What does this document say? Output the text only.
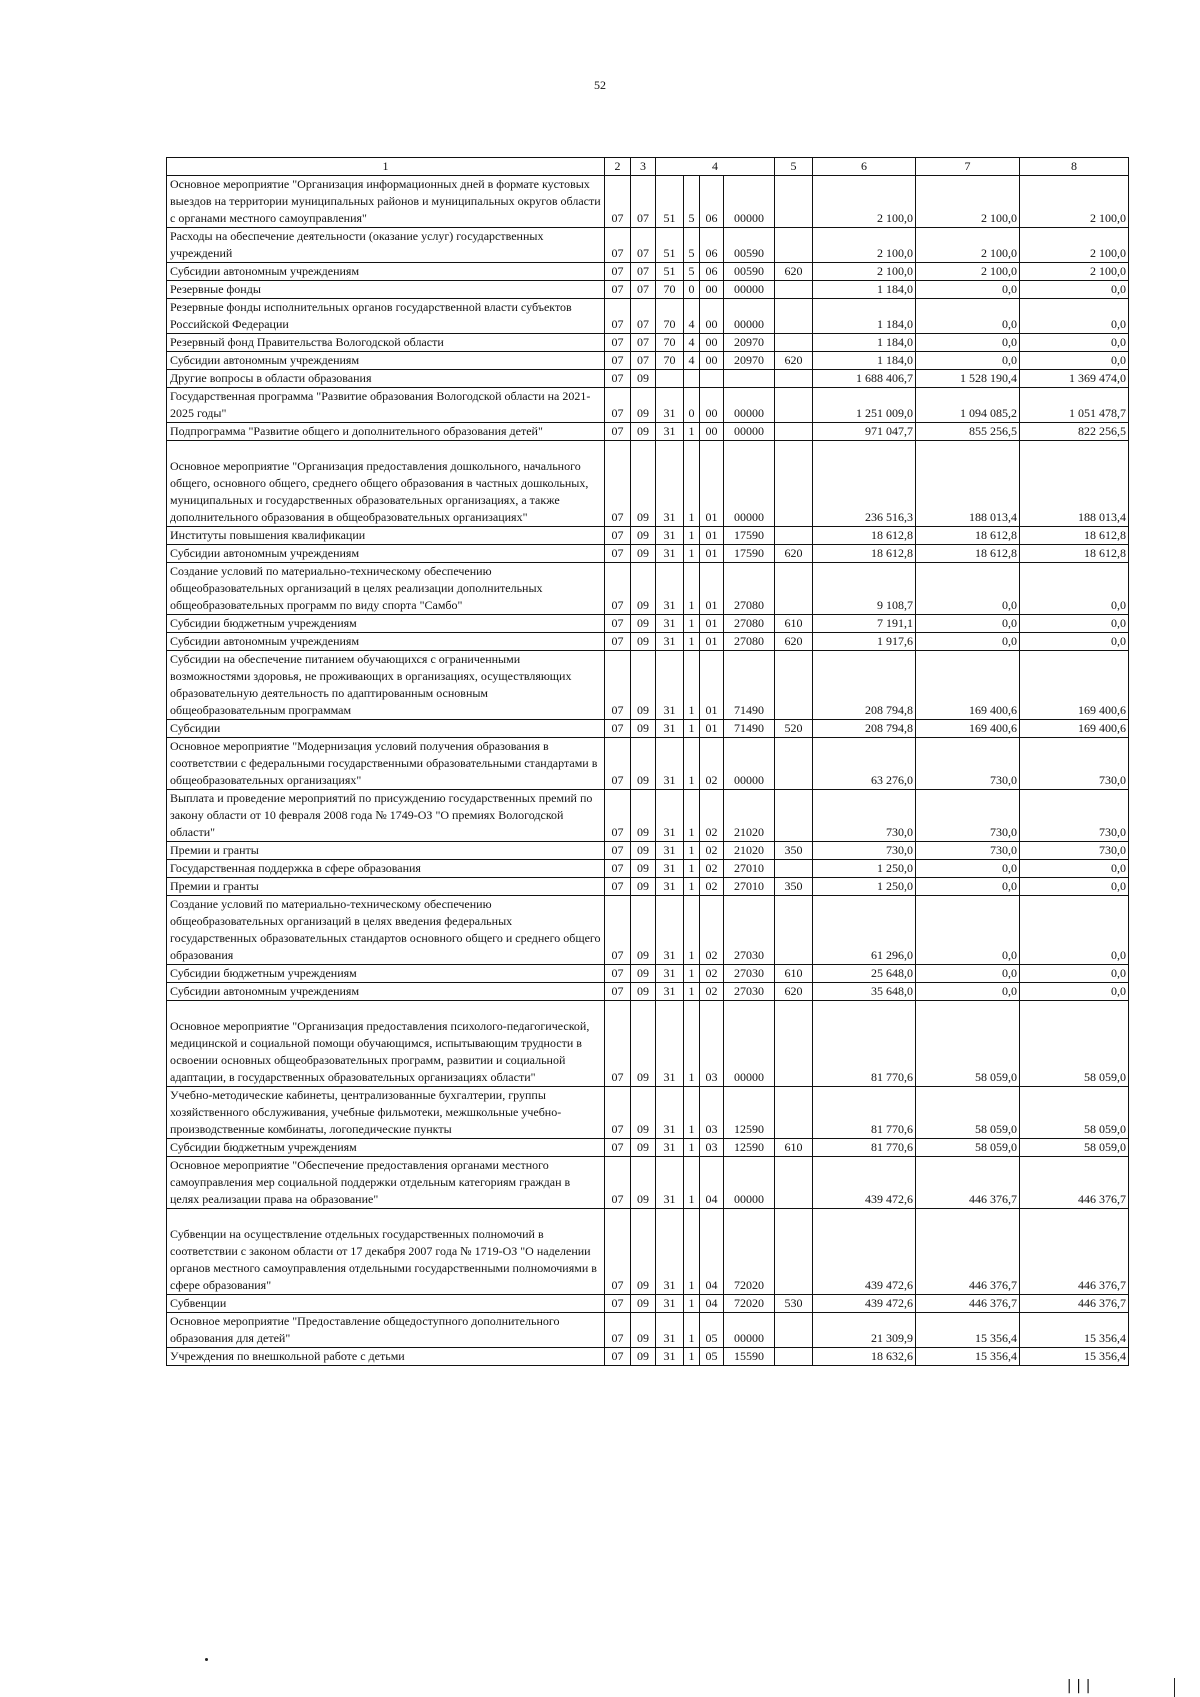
52
1	2	3	4				5	6	7	8
Основное мероприятие "Организация информационных дней в формате кустовых выездов на территории муниципальных районов и муниципальных округов области с органами местного самоуправления"	07	07	51	5	06	00000		2 100,0	2 100,0	2 100,0
Расходы на обеспечение деятельности (оказание услуг) государственных учреждений	07	07	51	5	06	00590		2 100,0	2 100,0	2 100,0
Субсидии автономным учреждениям	07	07	51	5	06	00590	620	2 100,0	2 100,0	2 100,0
Резервные фонды	07	07	70	0	00	00000		1 184,0	0,0	0,0
Резервные фонды исполнительных органов государственной власти субъектов Российской Федерации	07	07	70	4	00	00000		1 184,0	0,0	0,0
Резервный фонд Правительства Вологодской области	07	07	70	4	00	20970		1 184,0	0,0	0,0
Субсидии автономным учреждениям	07	07	70	4	00	20970	620	1 184,0	0,0	0,0
Другие вопросы в области образования	07	09						1 688 406,7	1 528 190,4	1 369 474,0
Государственная программа "Развитие образования Вологодской области на 2021-2025 годы"	07	09	31	0	00	00000		1 251 009,0	1 094 085,2	1 051 478,7
Подпрограмма "Развитие общего и дополнительного образования детей"	07	09	31	1	00	00000		971 047,7	855 256,5	822 256,5
Основное мероприятие "Организация предоставления дошкольного, начального общего, основного общего, среднего общего образования в частных дошкольных, муниципальных и государственных образовательных организациях, а также дополнительного образования в общеобразовательных организациях"	07	09	31	1	01	00000		236 516,3	188 013,4	188 013,4
Институты повышения квалификации	07	09	31	1	01	17590		18 612,8	18 612,8	18 612,8
Субсидии автономным учреждениям	07	09	31	1	01	17590	620	18 612,8	18 612,8	18 612,8
Создание условий по материально-техническому обеспечению общеобразовательных организаций в целях реализации дополнительных общеобразовательных программ по виду спорта "Самбо"	07	09	31	1	01	27080		9 108,7	0,0	0,0
Субсидии бюджетным учреждениям	07	09	31	1	01	27080	610	7 191,1	0,0	0,0
Субсидии автономным учреждениям	07	09	31	1	01	27080	620	1 917,6	0,0	0,0
Субсидии на обеспечение питанием обучающихся с ограниченными возможностями здоровья, не проживающих в организациях, осуществляющих образовательную деятельность по адаптированным основным общеобразовательным программам	07	09	31	1	01	71490		208 794,8	169 400,6	169 400,6
Субсидии	07	09	31	1	01	71490	520	208 794,8	169 400,6	169 400,6
Основное мероприятие "Модернизация условий получения образования в соответствии с федеральными государственными образовательными стандартами в общеобразовательных организациях"	07	09	31	1	02	00000		63 276,0	730,0	730,0
Выплата и проведение мероприятий по присуждению государственных премий по закону области от 10 февраля 2008 года № 1749-ОЗ "О премиях Вологодской области"	07	09	31	1	02	21020		730,0	730,0	730,0
Премии и гранты	07	09	31	1	02	21020	350	730,0	730,0	730,0
Государственная поддержка в сфере образования	07	09	31	1	02	27010		1 250,0	0,0	0,0
Премии и гранты	07	09	31	1	02	27010	350	1 250,0	0,0	0,0
Создание условий по материально-техническому обеспечению общеобразовательных организаций в целях введения федеральных государственных образовательных стандартов основного общего и среднего общего образования	07	09	31	1	02	27030		61 296,0	0,0	0,0
Субсидии бюджетным учреждениям	07	09	31	1	02	27030	610	25 648,0	0,0	0,0
Субсидии автономным учреждениям	07	09	31	1	02	27030	620	35 648,0	0,0	0,0
Основное мероприятие "Организация предоставления психолого-педагогической, медицинской и социальной помощи обучающимся, испытывающим трудности в освоении основных общеобразовательных программ, развитии и социальной адаптации, в государственных образовательных организациях области"	07	09	31	1	03	00000		81 770,6	58 059,0	58 059,0
Учебно-методические кабинеты, централизованные бухгалтерии, группы хозяйственного обслуживания, учебные фильмотеки, межшкольные учебно-производственные комбинаты, логопедические пункты	07	09	31	1	03	12590		81 770,6	58 059,0	58 059,0
Субсидии бюджетным учреждениям	07	09	31	1	03	12590	610	81 770,6	58 059,0	58 059,0
Основное мероприятие "Обеспечение предоставления органами местного самоуправления мер социальной поддержки отдельным категориям граждан в целях реализации права на образование"	07	09	31	1	04	00000		439 472,6	446 376,7	446 376,7
Субвенции на осуществление отдельных государственных полномочий в соответствии с законом области от 17 декабря 2007 года № 1719-ОЗ "О наделении органов местного самоуправления отдельными государственными полномочиями в сфере образования"	07	09	31	1	04	72020		439 472,6	446 376,7	446 376,7
Субвенции	07	09	31	1	04	72020	530	439 472,6	446 376,7	446 376,7
Основное мероприятие "Предоставление общедоступного дополнительного образования для детей"	07	09	31	1	05	00000		21 309,9	15 356,4	15 356,4
Учреждения по внешкольной работе с детьми	07	09	31	1	05	15590		18 632,6	15 356,4	15 356,4
|||
